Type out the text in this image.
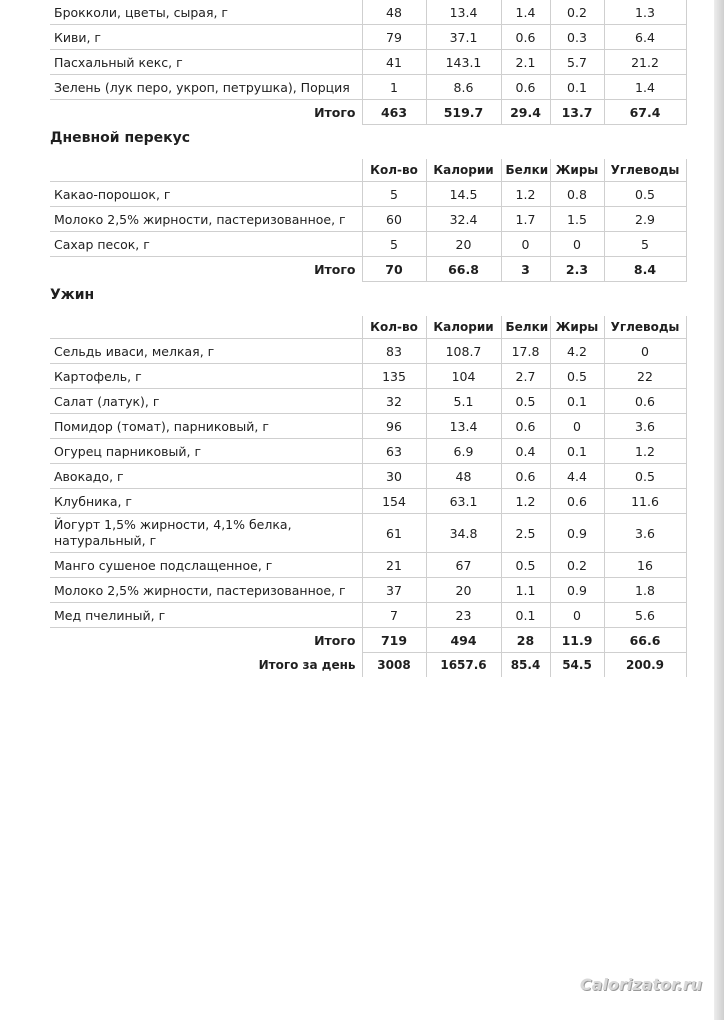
Брокколи, цветы, сырая, г	48	13.4	1.4	0.2	1.3
Киви, г	79	37.1	0.6	0.3	6.4
Пасхальный кекс, г	41	143.1	2.1	5.7	21.2
Зелень (лук перо, укроп, петрушка), Порция	1	8.6	0.6	0.1	1.4
Итого	463	519.7	29.4	13.7	67.4
Дневной перекус
	Кол-во	Калории	Белки	Жиры	Углеводы
Какао-порошок, г	5	14.5	1.2	0.8	0.5
Молоко 2,5% жирности, пастеризованное, г	60	32.4	1.7	1.5	2.9
Сахар песок, г	5	20	0	0	5
Итого	70	66.8	3	2.3	8.4
Ужин
	Кол-во	Калории	Белки	Жиры	Углеводы
Сельдь иваси, мелкая, г	83	108.7	17.8	4.2	0
Картофель, г	135	104	2.7	0.5	22
Салат (латук), г	32	5.1	0.5	0.1	0.6
Помидор (томат), парниковый, г	96	13.4	0.6	0	3.6
Огурец парниковый, г	63	6.9	0.4	0.1	1.2
Авокадо, г	30	48	0.6	4.4	0.5
Клубника, г	154	63.1	1.2	0.6	11.6
Йогурт 1,5% жирности, 4,1% белка, натуральный, г	61	34.8	2.5	0.9	3.6
Манго сушеное подслащенное, г	21	67	0.5	0.2	16
Молоко 2,5% жирности, пастеризованное, г	37	20	1.1	0.9	1.8
Мед пчелиный, г	7	23	0.1	0	5.6
Итого	719	494	28	11.9	66.6
Итого за день	3008	1657.6	85.4	54.5	200.9
Calorizator.ru
